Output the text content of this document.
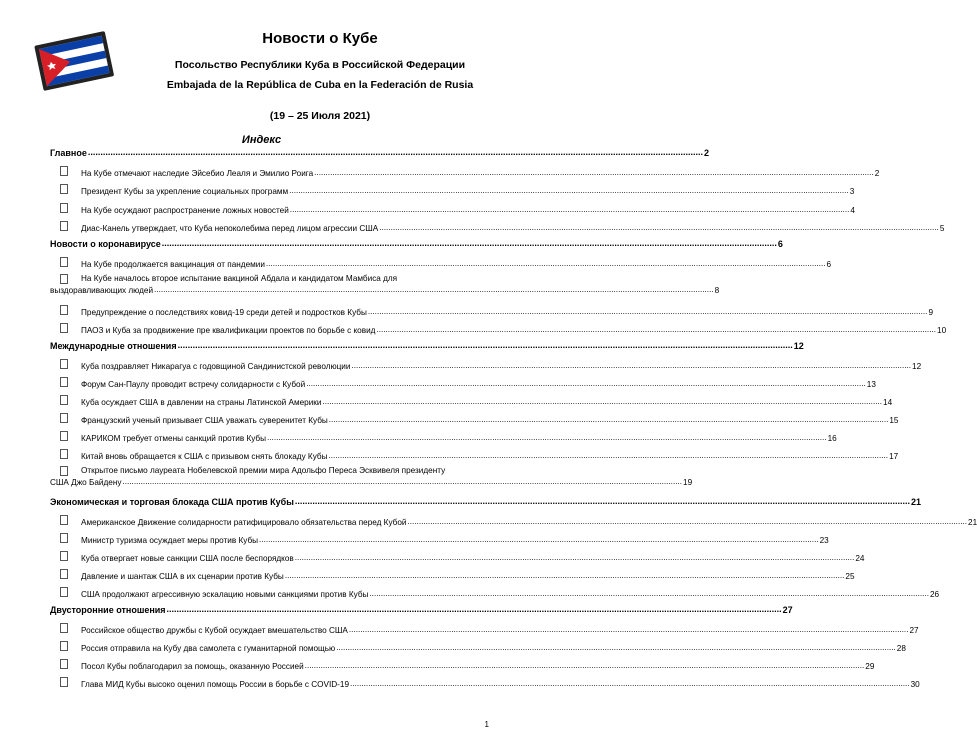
Новости о Кубе
Посольство Республики Куба в Российской Федерации
Embajada de la República de Cuba en la Federación de Rusia
(19 – 25 Июля 2021)
Индекс
Главное .....	2
На Кубе отмечают наследие Эйсебио Леаля и Эмилио Роига .....	2
Президент Кубы за укрепление социальных программ .....	3
На Кубе осуждают распространение ложных новостей .....	4
Диас-Канель утверждает, что Куба непоколебима перед лицом агрессии США .....	5
Новости о коронавирусе .....	6
На Кубе продолжается вакцинация от пандемии .....	6
На Кубе началось второе испытание вакциной Абдала и кандидатом Мамбиса для
выздоравливающих людей .....	8
Предупреждение о последствиях ковид-19 среди детей и подростков Кубы .....	9
ПАОЗ и Куба за продвижение пре квалификации проектов по борьбе с ковид .....	10
Международные отношения .....	12
Куба поздравляет Никарагуа с годовщиной Сандинистской революции .....	12
Форум Сан-Паулу проводит встречу солидарности с Кубой .....	13
Куба осуждает США в давлении на страны Латинской Америки .....	14
Французский ученый призывает США уважать суверенитет Кубы .....	15
КАРИКОМ требует отмены санкций против Кубы .....	16
Китай вновь обращается к США с призывом снять блокаду Кубы .....	17
Открытое письмо лауреата Нобелевской премии мира Адольфо Переса Эсквивеля президенту
США Джо Байдену .....	19
Экономическая и торговая блокада США против Кубы .....	21
Американское Движение солидарности ратифицировало обязательства перед Кубой .....	21
Министр туризма осуждает меры против Кубы .....	23
Куба отвергает новые санкции США после беспорядков .....	24
Давление и шантаж США в их сценарии против Кубы .....	25
США продолжают агрессивную эскалацию новыми санкциями против Кубы .....	26
Двусторонние отношения .....	27
Российское общество дружбы с Кубой осуждает вмешательство США .....	27
Россия отправила на Кубу два самолета с гуманитарной помощью .....	28
Посол Кубы поблагодарил за помощь, оказанную Россией .....	29
Глава МИД Кубы высоко оценил помощь России в борьбе с COVID-19 .....	30
1
